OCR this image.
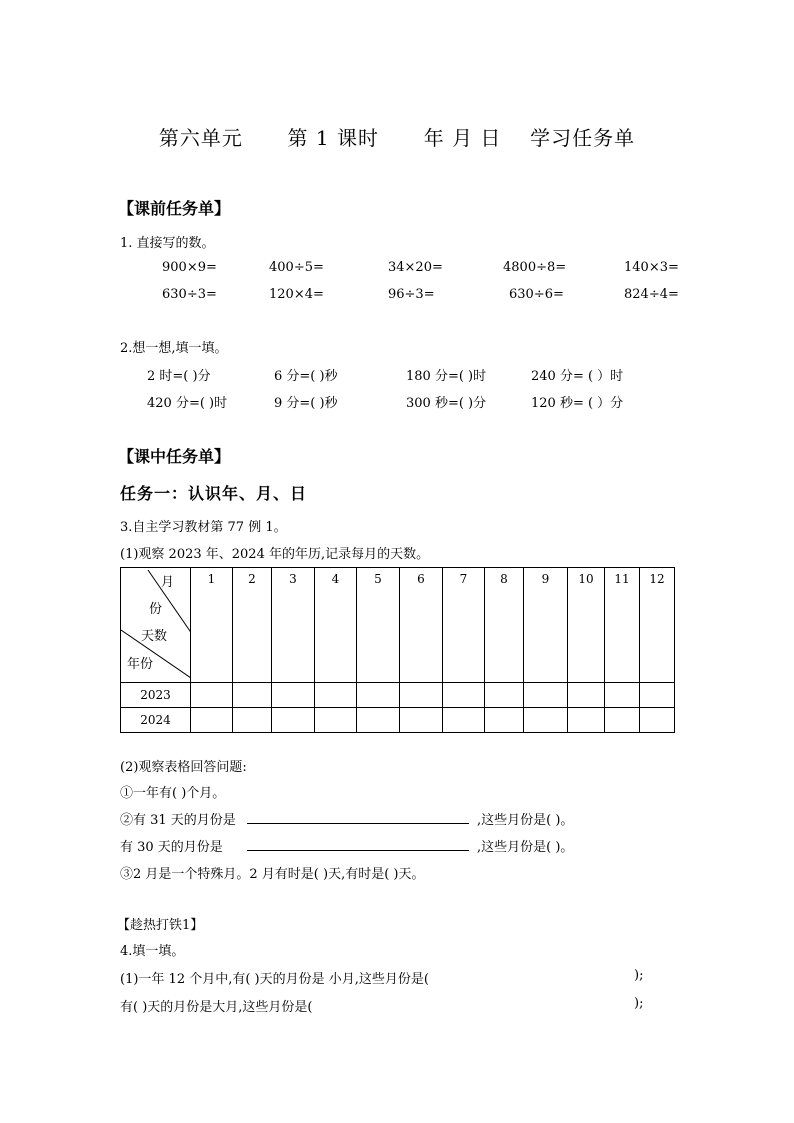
第六单元 第 1 课时 年 月 日 学习任务单
【课前任务单】
1. 直接写的数。
900×9=	400÷5=	34×20=	4800÷8=	140×3=
630÷3=	120×4=	96÷3=	630÷6=	824÷4=
2.想一想,填一填。
2 时=( )分	6 分=( )秒	180 分=( )时	240 分= ( ）时
420 分=( )时	9 分=( )秒	300 秒=( )分	120 秒= ( ）分
【课中任务单】
任务一：认识年、月、日
3.自主学习教材第 77 例 1。
(1)观察 2023 年、2024 年的年历,记录每月的天数。
月
份
天数
年份	1	2	3	4	5	6	7	8	9	10	11	12
2023												
2024												
(2)观察表格回答问题:
①一年有( )个月。
②有 31 天的月份是	,这些月份是( )。
有 30 天的月份是	,这些月份是( )。
③2 月是一个特殊月。2 月有时是( )天,有时是( )天。
【趁热打铁1】
4.填一填。
(1)一年 12 个月中,有( )天的月份是 小月,这些月份是(	);
有( )天的月份是大月,这些月份是(	);
